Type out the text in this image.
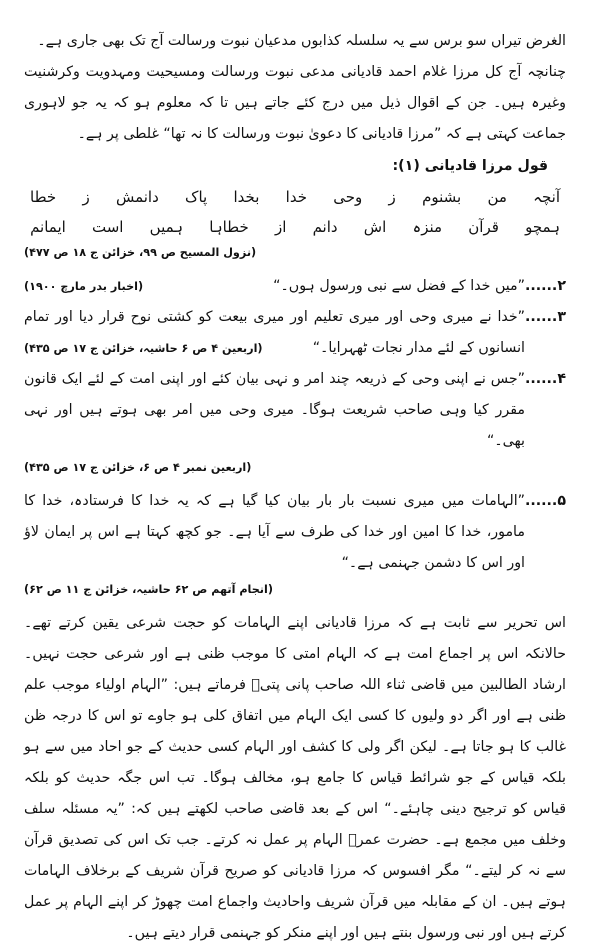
الغرض تیراں سو برس سے یہ سلسلہ کذابوں مدعیان نبوت ورسالت آج تک بھی جاری ہے۔

چنانچہ آج کل مرزا غلام احمد قادیانی مدعی نبوت ورسالت ومسیحیت ومہدویت وکرشنیت وغیرہ ہیں۔ جن کے اقوال ذیل میں درج کئے جاتے ہیں تا کہ معلوم ہو کہ یہ جو لاہوری جماعت کہتی ہے کہ ”مرزا قادیانی کا دعویٰ نبوت ورسالت کا نہ تھا“ غلطی پر ہے۔

قول مرزا قادیانی (۱):

آنچہ
من
بشنوم
ز
وحی
خدا
بخدا
پاک
دانمش
ز
خطا
ہمچو
قرآن
منزہ
اش
دانم
از
خطاہا
ہمیں
است
ایمانم

(نزول المسیح ص ۹۹، خزائن ج ۱۸ ص ۴۷۷)

۲......

”میں خدا کے فضل سے نبی ورسول ہوں۔“
(اخبار بدر مارچ ۱۹۰۰)

۳......

”خدا نے میری وحی اور میری تعلیم اور میری بیعت کو کشتی نوح قرار دیا اور تمام انسانوں کے لئے مدار نجات ٹھہرایا۔“
(اربعین ۴ ص ۶ حاشیہ، خزائن ج ۱۷ ص ۴۳۵)

۴......

”جس نے اپنی وحی کے ذریعہ چند امر و نہی بیان کئے اور اپنی امت کے لئے ایک قانون مقرر کیا وہی صاحب شریعت ہوگا۔ میری وحی میں امر بھی ہوتے ہیں اور نہی بھی۔“

(اربعین نمبر ۴ ص ۶، خزائن ج ۱۷ ص ۴۳۵)

۵......

”الہامات میں میری نسبت بار بار بیان کیا گیا ہے کہ یہ خدا کا فرستادہ، خدا کا مامور، خدا کا امین اور خدا کی طرف سے آیا ہے۔ جو کچھ کہتا ہے اس پر ایمان لاؤ اور اس کا دشمن جہنمی ہے۔“

(انجام آتھم ص ۶۲ حاشیہ، خزائن ج ۱۱ ص ۶۲)

اس تحریر سے ثابت ہے کہ مرزا قادیانی اپنے الہامات کو حجت شرعی یقین کرتے تھے۔ حالانکہ اس پر اجماع امت ہے کہ الہام امتی کا موجب ظنی ہے اور شرعی حجت نہیں۔ ارشاد الطالبین میں قاضی ثناء اللہ صاحب پانی پتیؒ فرماتے ہیں: ”الہام اولیاء موجب علم ظنی ہے اور اگر دو ولیوں کا کسی ایک الہام میں اتفاق کلی ہو جاوے تو اس کا درجہ ظن غالب کا ہو جاتا ہے۔ لیکن اگر ولی کا کشف اور الہام کسی حدیث کے جو احاد میں سے ہو بلکہ قیاس کے جو شرائط قیاس کا جامع ہو، مخالف ہوگا۔ تب اس جگہ حدیث کو بلکہ قیاس کو ترجیح دینی چاہئے۔“ اس کے بعد قاضی صاحب لکھتے ہیں کہ: ”یہ مسئلہ سلف وخلف میں مجمع ہے۔ حضرت عمرؓ الہام پر عمل نہ کرتے۔ جب تک اس کی تصدیق قرآن سے نہ کر لیتے۔“ مگر افسوس کہ مرزا قادیانی کو صریح قرآن شریف کے برخلاف الہامات ہوتے ہیں۔ ان کے مقابلہ میں قرآن شریف واحادیث واجماع امت چھوڑ کر اپنے الہام پر عمل کرتے ہیں اور نبی ورسول بنتے ہیں اور اپنے منکر کو جہنمی قرار دیتے ہیں۔
